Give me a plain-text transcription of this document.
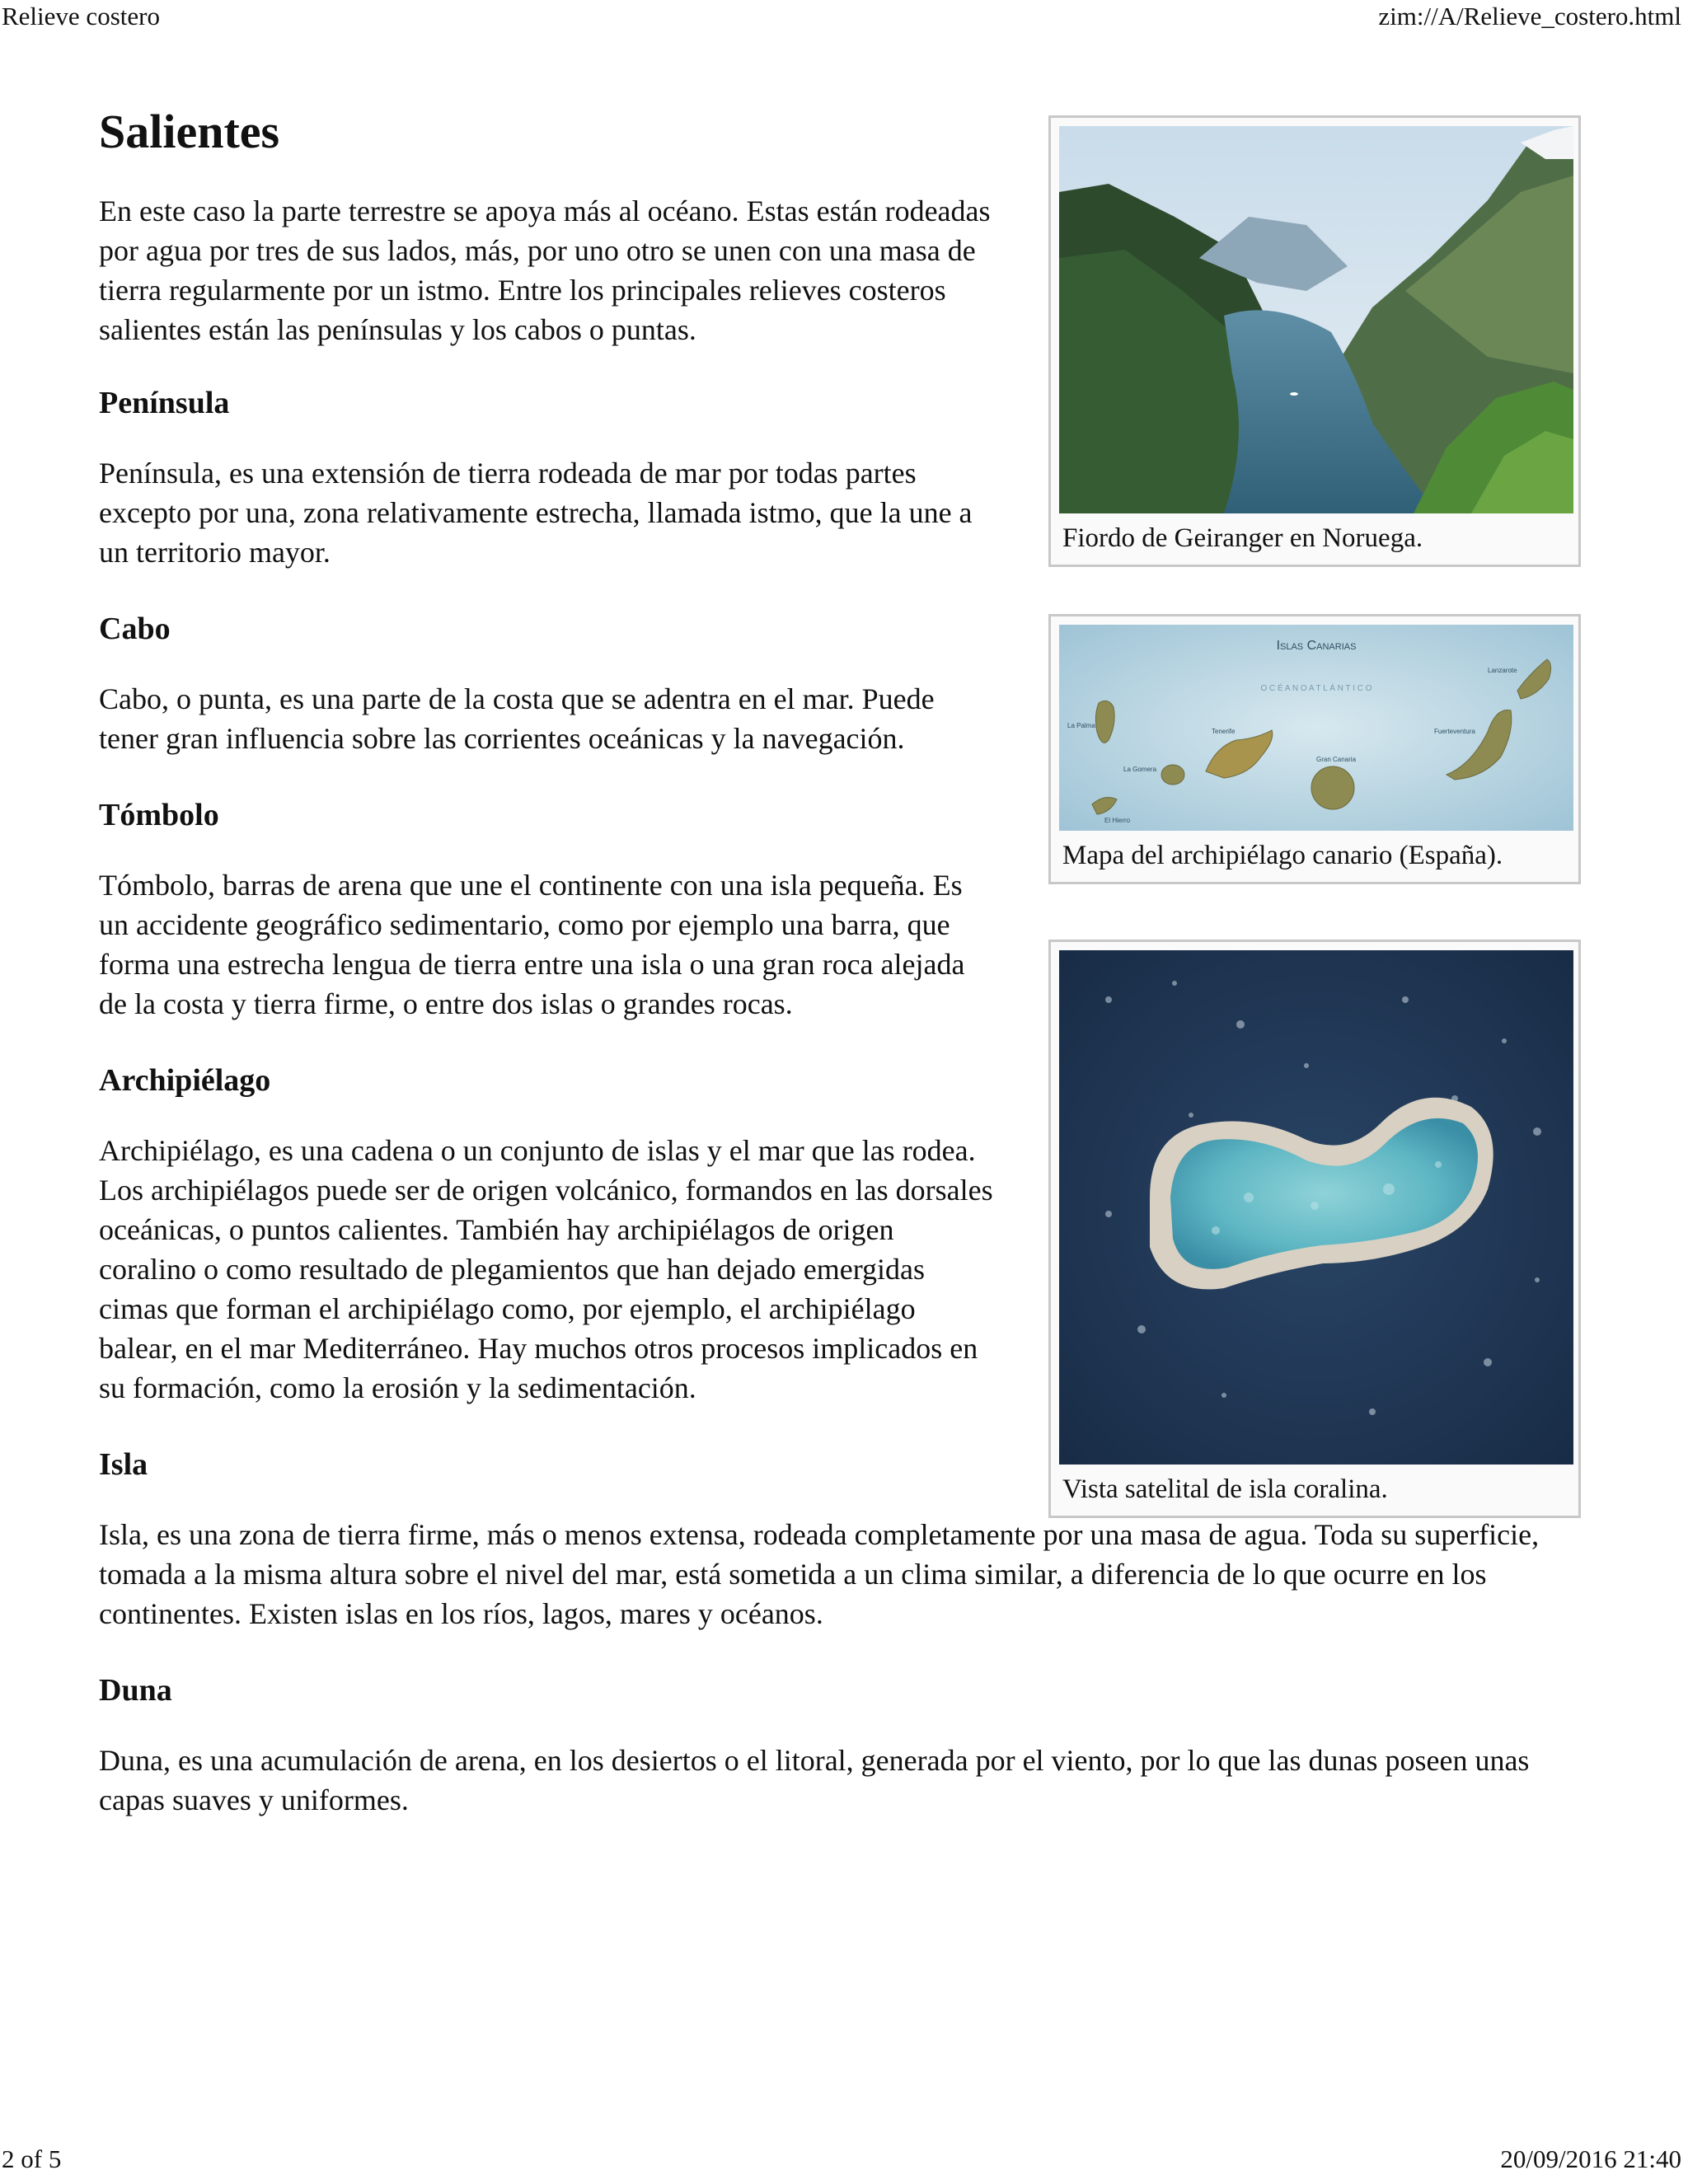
Relieve costero	zim://A/Relieve_costero.html
Salientes

En este caso la parte terrestre se apoya más al océano. Estas están rodeadas por agua por tres de sus lados, más, por uno otro se unen con una masa de tierra regularmente por un istmo. Entre los principales relieves costeros salientes están las penínsulas y los cabos o puntas.

Península

Península, es una extensión de tierra rodeada de mar por todas partes excepto por una, zona relativamente estrecha, llamada istmo, que la une a un territorio mayor.

Cabo

Cabo, o punta, es una parte de la costa que se adentra en el mar. Puede tener gran influencia sobre las corrientes oceánicas y la navegación.

Tómbolo

Tómbolo, barras de arena que une el continente con una isla pequeña. Es un accidente geográfico sedimentario, como por ejemplo una barra, que forma una estrecha lengua de tierra entre una isla o una gran roca alejada de la costa y tierra firme, o entre dos islas o grandes rocas.

Archipiélago

Archipiélago, es una cadena o un conjunto de islas y el mar que las rodea. Los archipiélagos puede ser de origen volcánico, formandos en las dorsales oceánicas, o puntos calientes. También hay archipiélagos de origen coralino o como resultado de plegamientos que han dejado emergidas cimas que forman el archipiélago como, por ejemplo, el archipiélago balear, en el mar Mediterráneo. Hay muchos otros procesos implicados en su formación, como la erosión y la sedimentación.

Isla

Isla, es una zona de tierra firme, más o menos extensa, rodeada completamente por una masa de agua. Toda su superficie, tomada a la misma altura sobre el nivel del mar, está sometida a un clima similar, a diferencia de lo que ocurre en los continentes. Existen islas en los ríos, lagos, mares y océanos.

Duna

Duna, es una acumulación de arena, en los desiertos o el litoral, generada por el viento, por lo que las dunas poseen unas capas suaves y uniformes.

Fiordo de Geiranger en Noruega.
Islas Canarias
O C É A N O A T L Á N T I C O
La Palma
La Gomera
El Hierro
Tenerife
Gran Canaria
Fuerteventura
Lanzarote
Mapa del archipiélago canario (España).
Vista satelital de isla coralina.
2 of 5	20/09/2016 21:40
